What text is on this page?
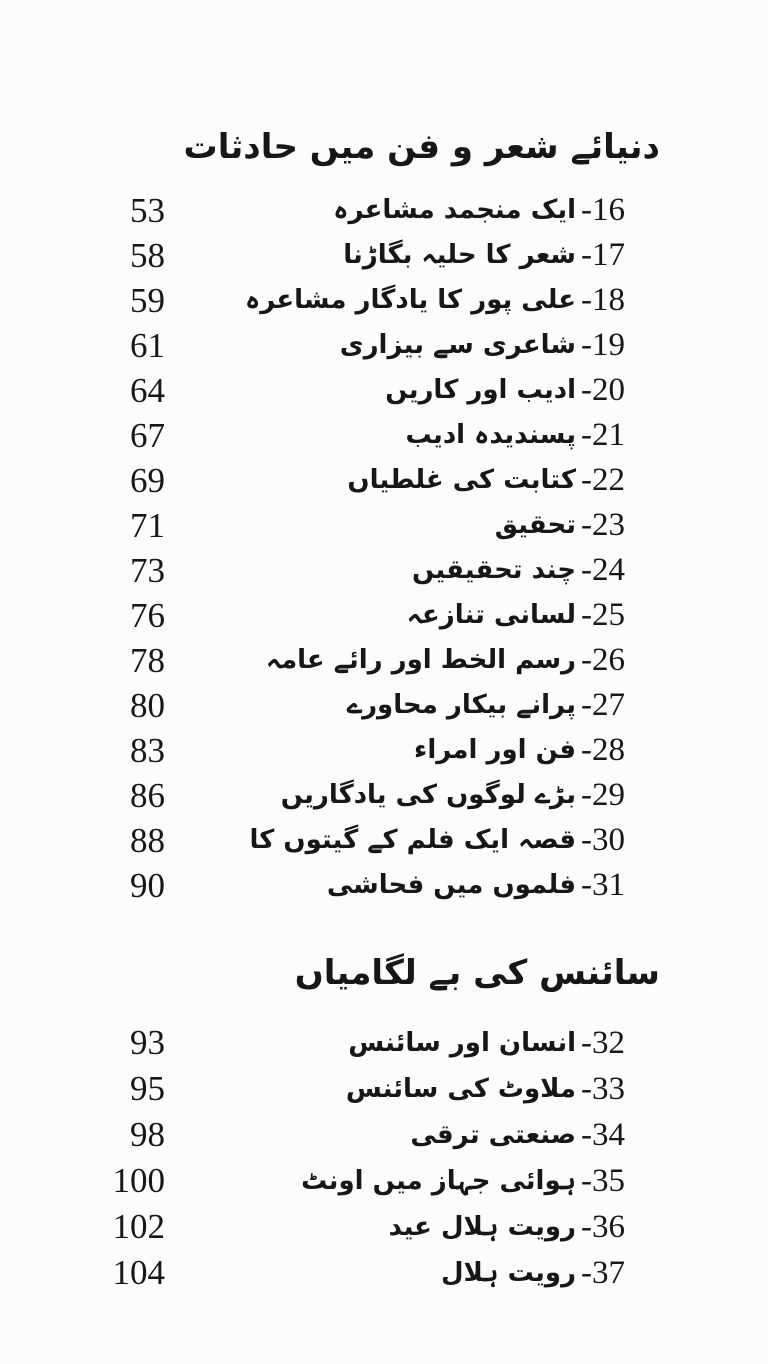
دنیائے شعر و فن میں حادثات
53	ایک منجمد مشاعرہ -16
58	شعر کا حلیہ بگاڑنا -17
59	علی پور کا یادگار مشاعرہ -18
61	شاعری سے بیزاری -19
64	ادیب اور کاریں -20
67	پسندیدہ ادیب -21
69	کتابت کی غلطیاں -22
71	تحقیق -23
73	چند تحقیقیں -24
76	لسانی تنازعہ -25
78	رسم الخط اور رائے عامہ -26
80	پرانے بیکار محاورے -27
83	فن اور امراء -28
86	بڑے لوگوں کی یادگاریں -29
88	قصہ ایک فلم کے گیتوں کا -30
90	فلموں میں فحاشی -31
سائنس کی بے لگامیاں
93	انسان اور سائنس -32
95	ملاوٹ کی سائنس -33
98	صنعتی ترقی -34
100	ہوائی جہاز میں اونٹ -35
102	رویت ہلال عید -36
104	رویت ہلال -37
